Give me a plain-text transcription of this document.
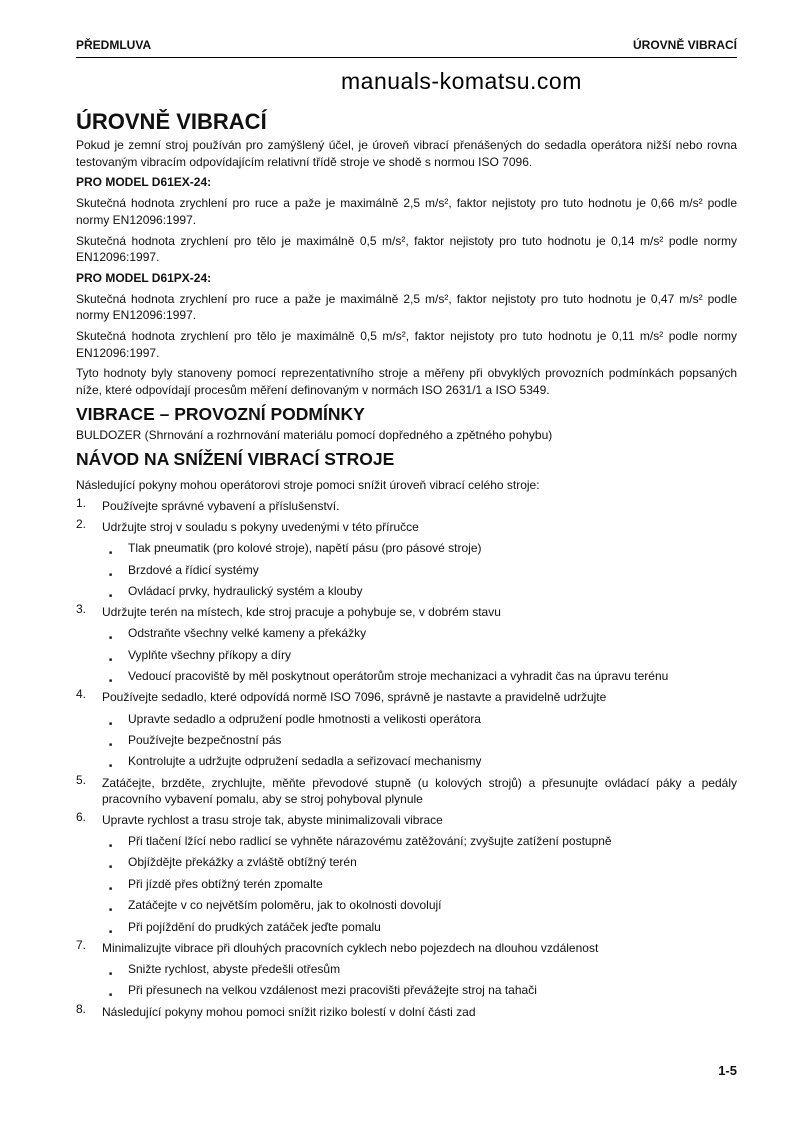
PŘEDMLUVA	ÚROVNĚ VIBRACÍ
manuals-komatsu.com
ÚROVNĚ VIBRACÍ

Pokud je zemní stroj používán pro zamýšlený účel, je úroveň vibrací přenášených do sedadla operátora nižší nebo rovna testovaným vibracím odpovídajícím relativní třídě stroje ve shodě s normou ISO 7096.

PRO MODEL D61EX-24:

Skutečná hodnota zrychlení pro ruce a paže je maximálně 2,5 m/s², faktor nejistoty pro tuto hodnotu je 0,66 m/s² podle normy EN12096:1997.

Skutečná hodnota zrychlení pro tělo je maximálně 0,5 m/s², faktor nejistoty pro tuto hodnotu je 0,14 m/s² podle normy EN12096:1997.

PRO MODEL D61PX-24:

Skutečná hodnota zrychlení pro ruce a paže je maximálně 2,5 m/s², faktor nejistoty pro tuto hodnotu je 0,47 m/s² podle normy EN12096:1997.

Skutečná hodnota zrychlení pro tělo je maximálně 0,5 m/s², faktor nejistoty pro tuto hodnotu je 0,11 m/s² podle normy EN12096:1997.

Tyto hodnoty byly stanoveny pomocí reprezentativního stroje a měřeny při obvyklých provozních podmínkách popsaných níže, které odpovídají procesům měření definovaným v normách ISO 2631/1 a ISO 5349.

VIBRACE – PROVOZNÍ PODMÍNKY

BULDOZER (Shrnování a rozhrnování materiálu pomocí dopředného a zpětného pohybu)

NÁVOD NA SNÍŽENÍ VIBRACÍ STROJE

Následující pokyny mohou operátorovi stroje pomoci snížit úroveň vibrací celého stroje:

1. Používejte správné vybavení a příslušenství.
2. Udržujte stroj v souladu s pokyny uvedenými v této příručce
■ Tlak pneumatik (pro kolové stroje), napětí pásu (pro pásové stroje)
■ Brzdové a řídicí systémy
■ Ovládací prvky, hydraulický systém a klouby
3. Udržujte terén na místech, kde stroj pracuje a pohybuje se, v dobrém stavu
■ Odstraňte všechny velké kameny a překážky
■ Vyplňte všechny příkopy a díry
■ Vedoucí pracoviště by měl poskytnout operátorům stroje mechanizaci a vyhradit čas na úpravu terénu
4. Používejte sedadlo, které odpovídá normě ISO 7096, správně je nastavte a pravidelně udržujte
■ Upravte sedadlo a odpružení podle hmotnosti a velikosti operátora
■ Používejte bezpečnostní pás
■ Kontrolujte a udržujte odpružení sedadla a seřizovací mechanismy
5. Zatáčejte, brzděte, zrychlujte, měňte převodové stupně (u kolových strojů) a přesunujte ovládací páky a pedály pracovního vybavení pomalu, aby se stroj pohyboval plynule
6. Upravte rychlost a trasu stroje tak, abyste minimalizovali vibrace
■ Při tlačení lžící nebo radlicí se vyhněte nárazovému zatěžování; zvyšujte zatížení postupně
■ Objíždějte překážky a zvláště obtížný terén
■ Při jízdě přes obtížný terén zpomalte
■ Zatáčejte v co největším poloměru, jak to okolnosti dovolují
■ Při pojíždění do prudkých zatáček jeďte pomalu
7. Minimalizujte vibrace při dlouhých pracovních cyklech nebo pojezdech na dlouhou vzdálenost
■ Snižte rychlost, abyste předešli otřesům
■ Při přesunech na velkou vzdálenost mezi pracovišti převážejte stroj na tahači
8. Následující pokyny mohou pomoci snížit riziko bolestí v dolní části zad
1-5
